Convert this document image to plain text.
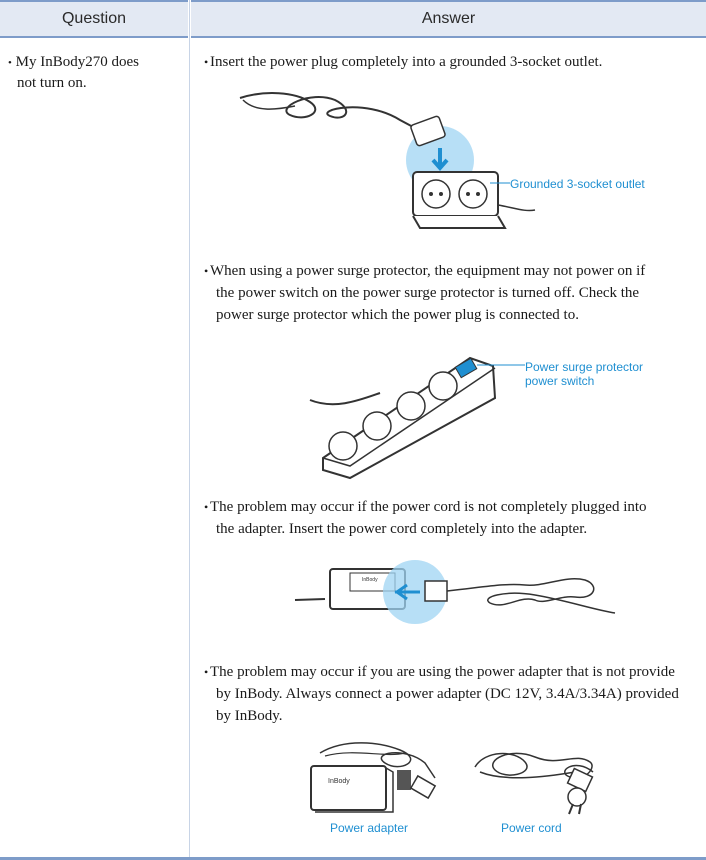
Question	Answer
• My InBody270 does
not turn on.
• Insert the power plug completely into a grounded 3-socket outlet.
Grounded 3-socket outlet
• When using a power surge protector, the equipment may not power on if
the power switch on the power surge protector is turned off. Check the
power surge protector which the power plug is connected to.
Power surge protector
power switch
• The problem may occur if the power cord is not completely plugged into
the adapter. Insert the power cord completely into the adapter.
InBody
• The problem may occur if you are using the power adapter that is not provide
by InBody. Always connect a power adapter (DC 12V, 3.4A/3.34A) provided
by InBody.
InBody
Power adapter	Power cord
